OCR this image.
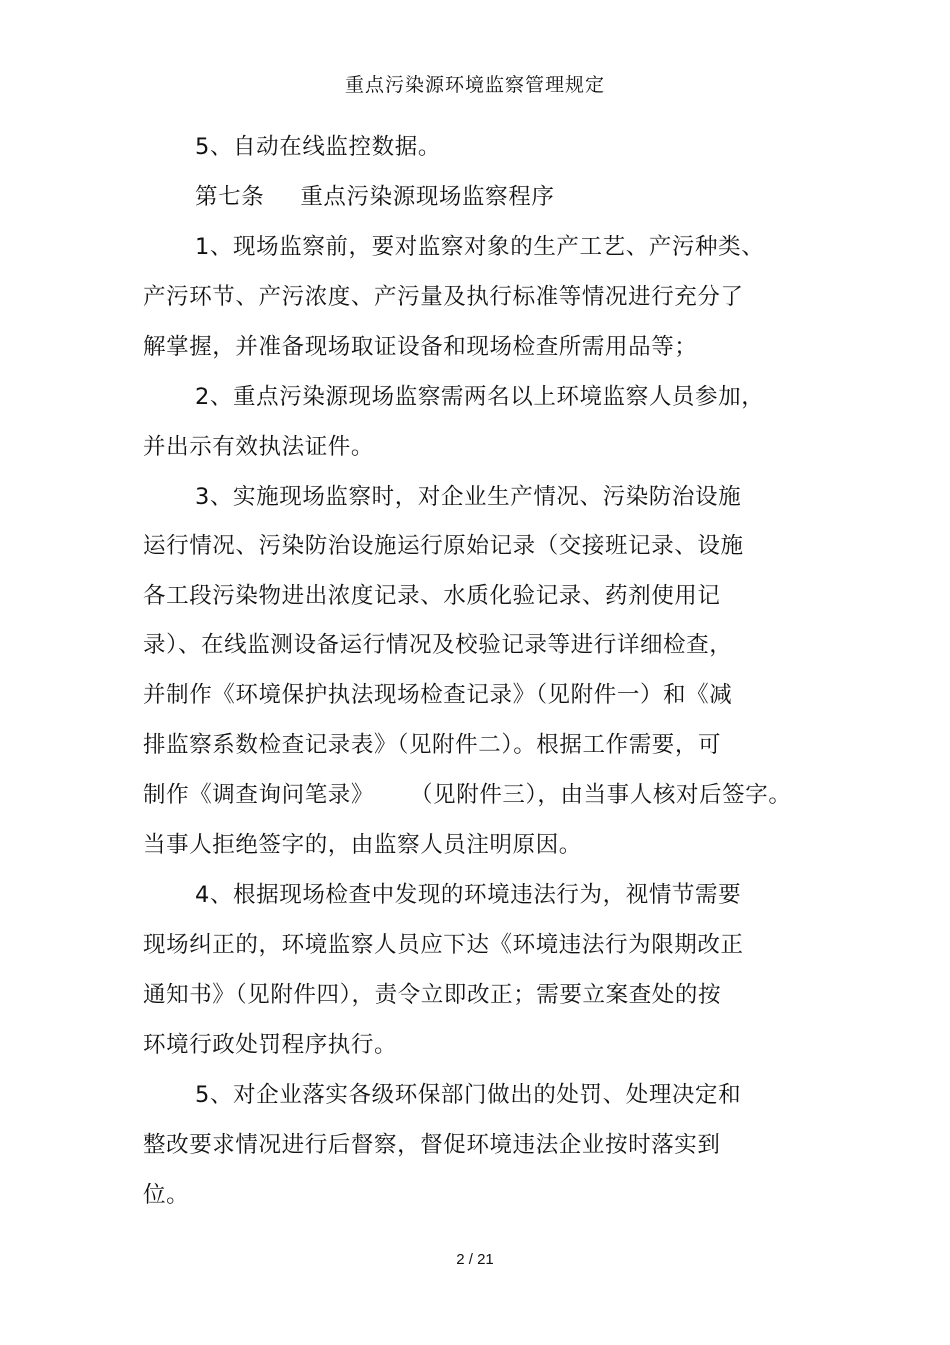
重点污染源环境监察管理规定
5、自动在线监控数据。
第七条 重点污染源现场监察程序
1、现场监察前，要对监察对象的生产工艺、产污种类、
产污环节、产污浓度、产污量及执行标准等情况进行充分了
解掌握，并准备现场取证设备和现场检查所需用品等；
2、重点污染源现场监察需两名以上环境监察人员参加，
并出示有效执法证件。
3、实施现场监察时，对企业生产情况、污染防治设施
运行情况、污染防治设施运行原始记录（交接班记录、设施
各工段污染物进出浓度记录、水质化验记录、药剂使用记
录）、在线监测设备运行情况及校验记录等进行详细检查，
并制作《环境保护执法现场检查记录》（见附件一）和《减
排监察系数检查记录表》（见附件二）。根据工作需要，可
制作《调查询问笔录》 （见附件三），由当事人核对后签字。
当事人拒绝签字的，由监察人员注明原因。
4、根据现场检查中发现的环境违法行为，视情节需要
现场纠正的，环境监察人员应下达《环境违法行为限期改正
通知书》（见附件四），责令立即改正；需要立案查处的按
环境行政处罚程序执行。
5、对企业落实各级环保部门做出的处罚、处理决定和
整改要求情况进行后督察，督促环境违法企业按时落实到
位。
2 / 21
